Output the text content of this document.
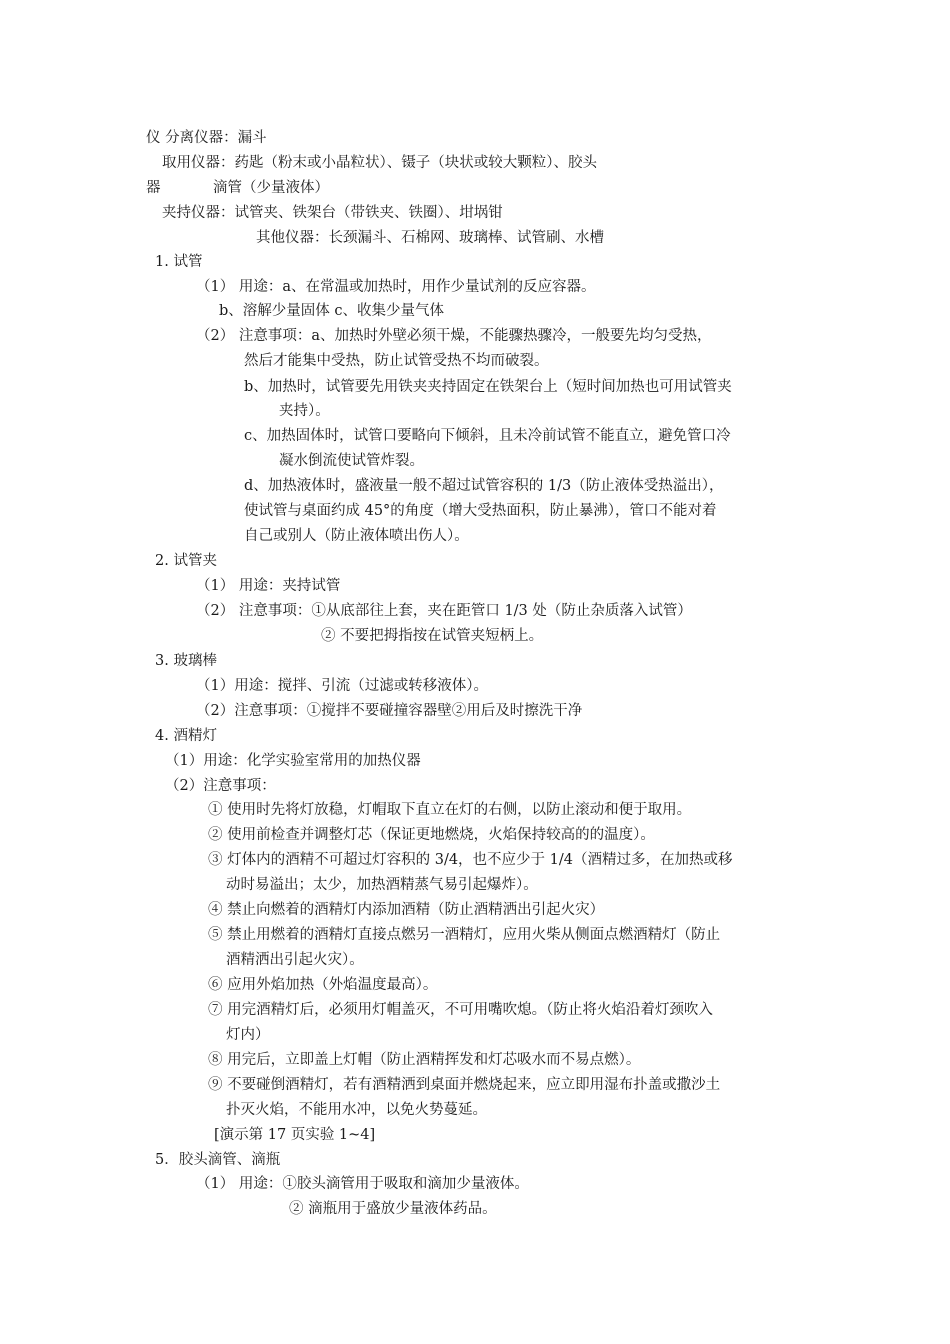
仪 分离仪器：漏斗
取用仪器：药匙（粉末或小晶粒状）、镊子（块状或较大颗粒）、胶头
器	滴管（少量液体）
夹持仪器：试管夹、铁架台（带铁夹、铁圈）、坩埚钳
其他仪器：长颈漏斗、石棉网、玻璃棒、试管刷、水槽
1. 试管
（1） 用途：a、在常温或加热时，用作少量试剂的反应容器。
b、溶解少量固体 c、收集少量气体
（2） 注意事项：a、加热时外壁必须干燥，不能骤热骤冷，一般要先均匀受热，
然后才能集中受热，防止试管受热不均而破裂。
b、加热时，试管要先用铁夹夹持固定在铁架台上（短时间加热也可用试管夹
夹持）。
c、加热固体时，试管口要略向下倾斜，且未冷前试管不能直立，避免管口冷
凝水倒流使试管炸裂。
d、加热液体时，盛液量一般不超过试管容积的 1/3（防止液体受热溢出），
使试管与桌面约成 45°的角度（增大受热面积，防止暴沸），管口不能对着
自己或别人（防止液体喷出伤人）。
2. 试管夹
（1） 用途：夹持试管
（2） 注意事项：①从底部往上套，夹在距管口 1/3 处（防止杂质落入试管）
② 不要把拇指按在试管夹短柄上。
3. 玻璃棒
（1）用途：搅拌、引流（过滤或转移液体）。
（2）注意事项：①搅拌不要碰撞容器壁②用后及时擦洗干净
4. 酒精灯
（1）用途：化学实验室常用的加热仪器
（2）注意事项：
① 使用时先将灯放稳，灯帽取下直立在灯的右侧，以防止滚动和便于取用。
② 使用前检查并调整灯芯（保证更地燃烧，火焰保持较高的的温度）。
③ 灯体内的酒精不可超过灯容积的 3/4，也不应少于 1/4（酒精过多，在加热或移
动时易溢出；太少，加热酒精蒸气易引起爆炸）。
④ 禁止向燃着的酒精灯内添加酒精（防止酒精洒出引起火灾）
⑤ 禁止用燃着的酒精灯直接点燃另一酒精灯，应用火柴从侧面点燃酒精灯（防止
酒精洒出引起火灾）。
⑥ 应用外焰加热（外焰温度最高）。
⑦ 用完酒精灯后，必须用灯帽盖灭，不可用嘴吹熄。（防止将火焰沿着灯颈吹入
灯内）
⑧ 用完后，立即盖上灯帽（防止酒精挥发和灯芯吸水而不易点燃）。
⑨ 不要碰倒酒精灯，若有酒精洒到桌面并燃烧起来，应立即用湿布扑盖或撒沙土
扑灭火焰，不能用水冲，以免火势蔓延。
[演示第 17 页实验 1~4]
5．胶头滴管、滴瓶
（1） 用途：①胶头滴管用于吸取和滴加少量液体。
② 滴瓶用于盛放少量液体药品。
